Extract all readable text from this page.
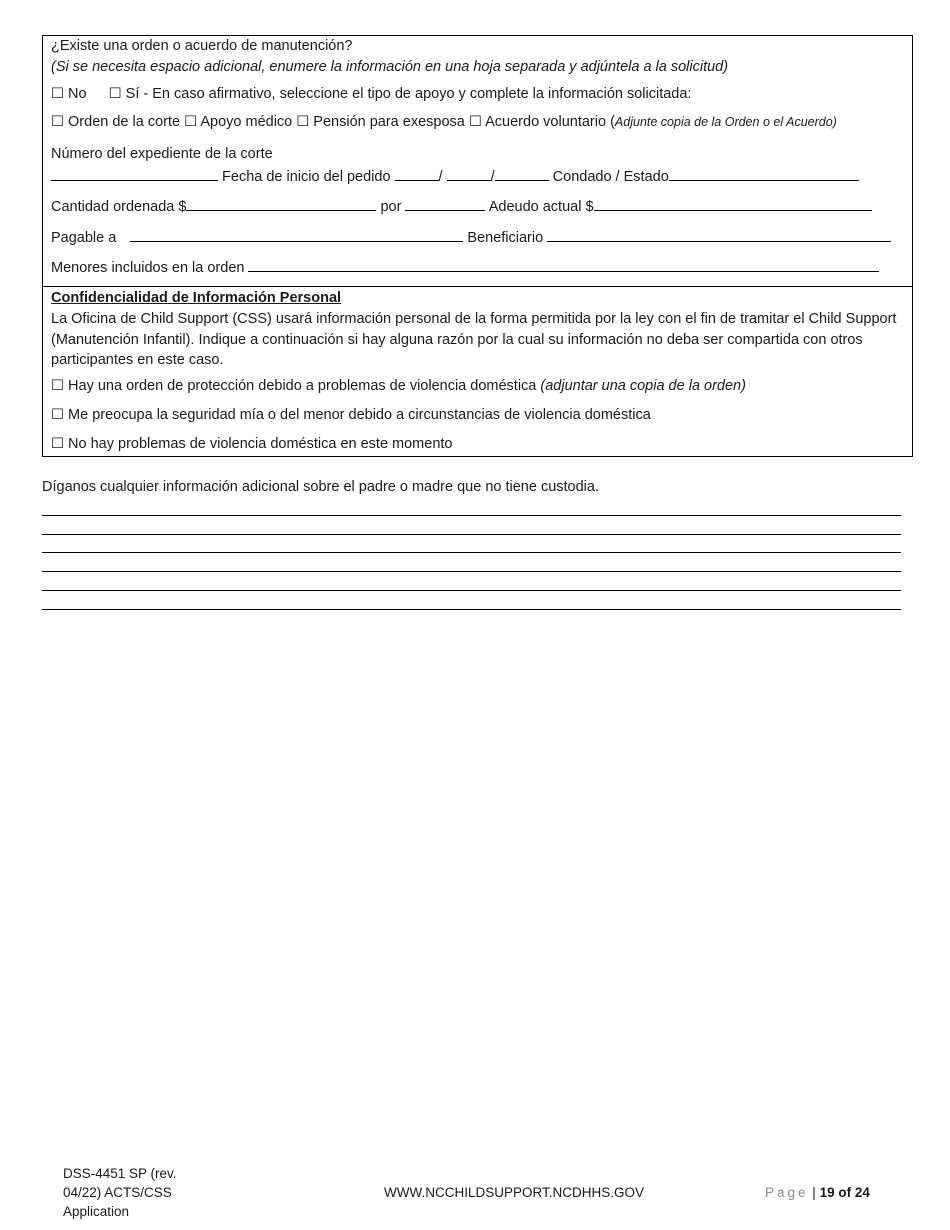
¿Existe una orden o acuerdo de manutención?
(Si se necesita espacio adicional, enumere la información en una hoja separada y adjúntela a la solicitud)
☐ No ☐ Sí - En caso afirmativo, seleccione el tipo de apoyo y complete la información solicitada:
☐ Orden de la corte ☐ Apoyo médico ☐ Pensión para exesposa ☐ Acuerdo voluntario (Adjunte copia de la Orden o el Acuerdo)
Número del expediente de la corte
Fecha de inicio del pedido	/	/	Condado / Estado
Cantidad ordenada $	por	Adeudo actual $
Pagable a	Beneficiario
Menores incluidos en la orden
Confidencialidad de Información Personal
La Oficina de Child Support (CSS) usará información personal de la forma permitida por la ley con el fin de tramitar el Child Support (Manutención Infantil). Indique a continuación si hay alguna razón por la cual su información no deba ser compartida con otros participantes en este caso.
☐ Hay una orden de protección debido a problemas de violencia doméstica (adjuntar una copia de la orden)
☐ Me preocupa la seguridad mía o del menor debido a circunstancias de violencia doméstica
☐ No hay problemas de violencia doméstica en este momento
Díganos cualquier información adicional sobre el padre o madre que no tiene custodia.
DSS-4451 SP (rev. 04/22) ACTS/CSS Application
WWW.NCCHILDSUPPORT.NCDHHS.GOV	Page | 19 of 24
